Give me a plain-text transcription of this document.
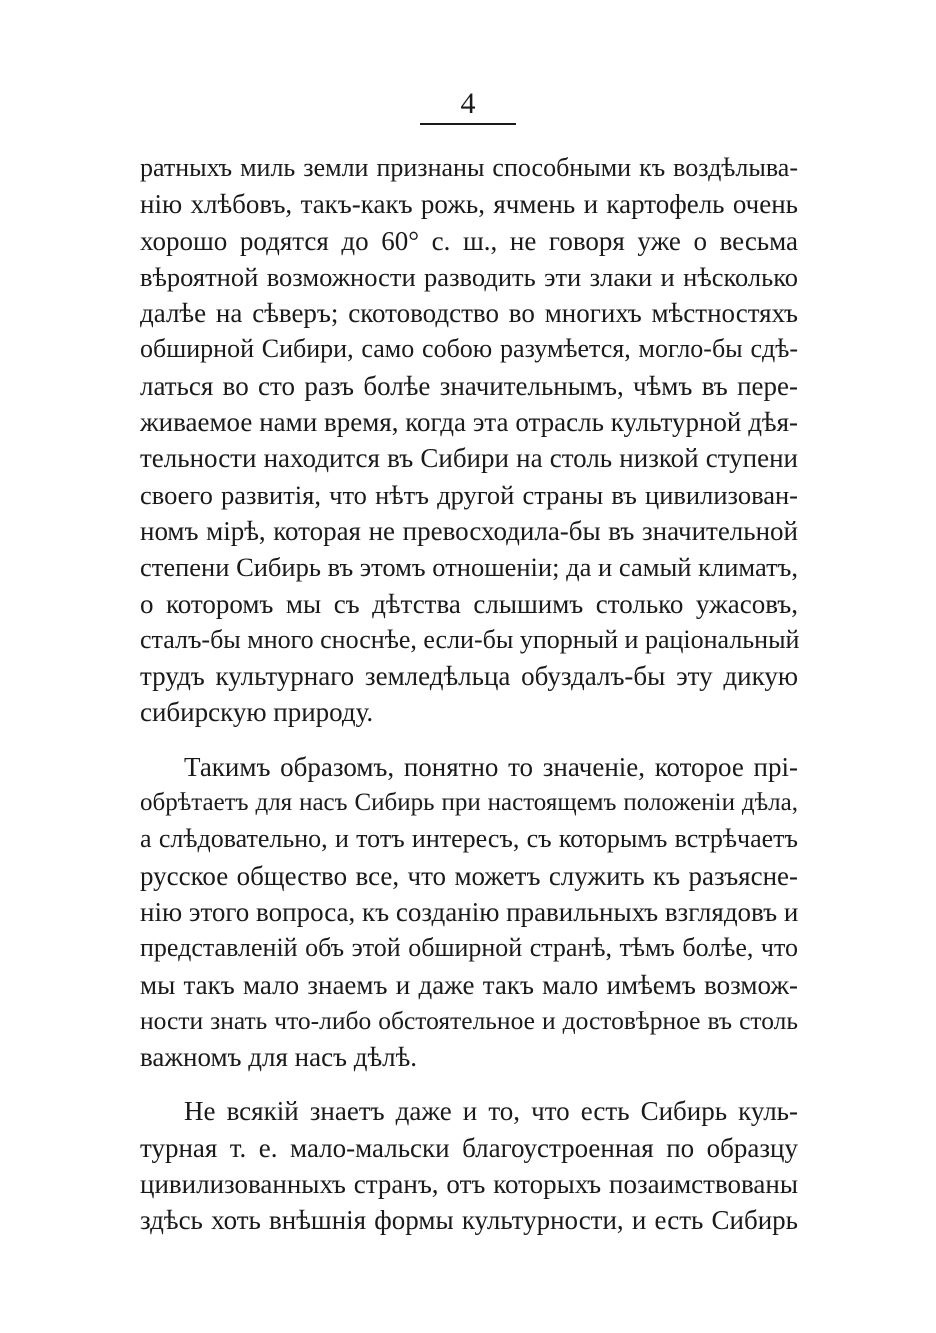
4
ратныхъ миль земли признаны способными къ воздѣлыва-
нію хлѣбовъ, такъ-какъ рожь, ячмень и картофель очень
хорошо родятся до 60° с. ш., не говоря уже о весьма
вѣроятной возможности разводить эти злаки и нѣсколько
далѣе на сѣверъ; скотоводство во многихъ мѣстностяхъ
обширной Сибири, само собою разумѣется, могло-бы сдѣ-
латься во сто разъ болѣе значительнымъ, чѣмъ въ пере-
живаемое нами время, когда эта отрасль культурной дѣя-
тельности находится въ Сибири на столь низкой ступени
своего развитія, что нѣтъ другой страны въ цивилизован-
номъ мірѣ, которая не превосходила-бы въ значительной
степени Сибирь въ этомъ отношеніи; да и самый климатъ,
о которомъ мы съ дѣтства слышимъ столько ужасовъ,
сталъ-бы много сноснѣе, если-бы упорный и раціональный
трудъ культурнаго земледѣльца обуздалъ-бы эту дикую
сибирскую природу.
Такимъ образомъ, понятно то значеніе, которое прі-
обрѣтаетъ для насъ Сибирь при настоящемъ положеніи дѣла,
а слѣдовательно, и тотъ интересъ, съ которымъ встрѣчаетъ
русское общество все, что можетъ служить къ разъясне-
нію этого вопроса, къ созданію правильныхъ взглядовъ и
представленій объ этой обширной странѣ, тѣмъ болѣе, что
мы такъ мало знаемъ и даже такъ мало имѣемъ возмож-
ности знать что-либо обстоятельное и достовѣрное въ столь
важномъ для насъ дѣлѣ.
Не всякій знаетъ даже и то, что есть Сибирь куль-
турная т. е. мало-мальски благоустроенная по образцу
цивилизованныхъ странъ, отъ которыхъ позаимствованы
здѣсь хоть внѣшнія формы культурности, и есть Сибирь
